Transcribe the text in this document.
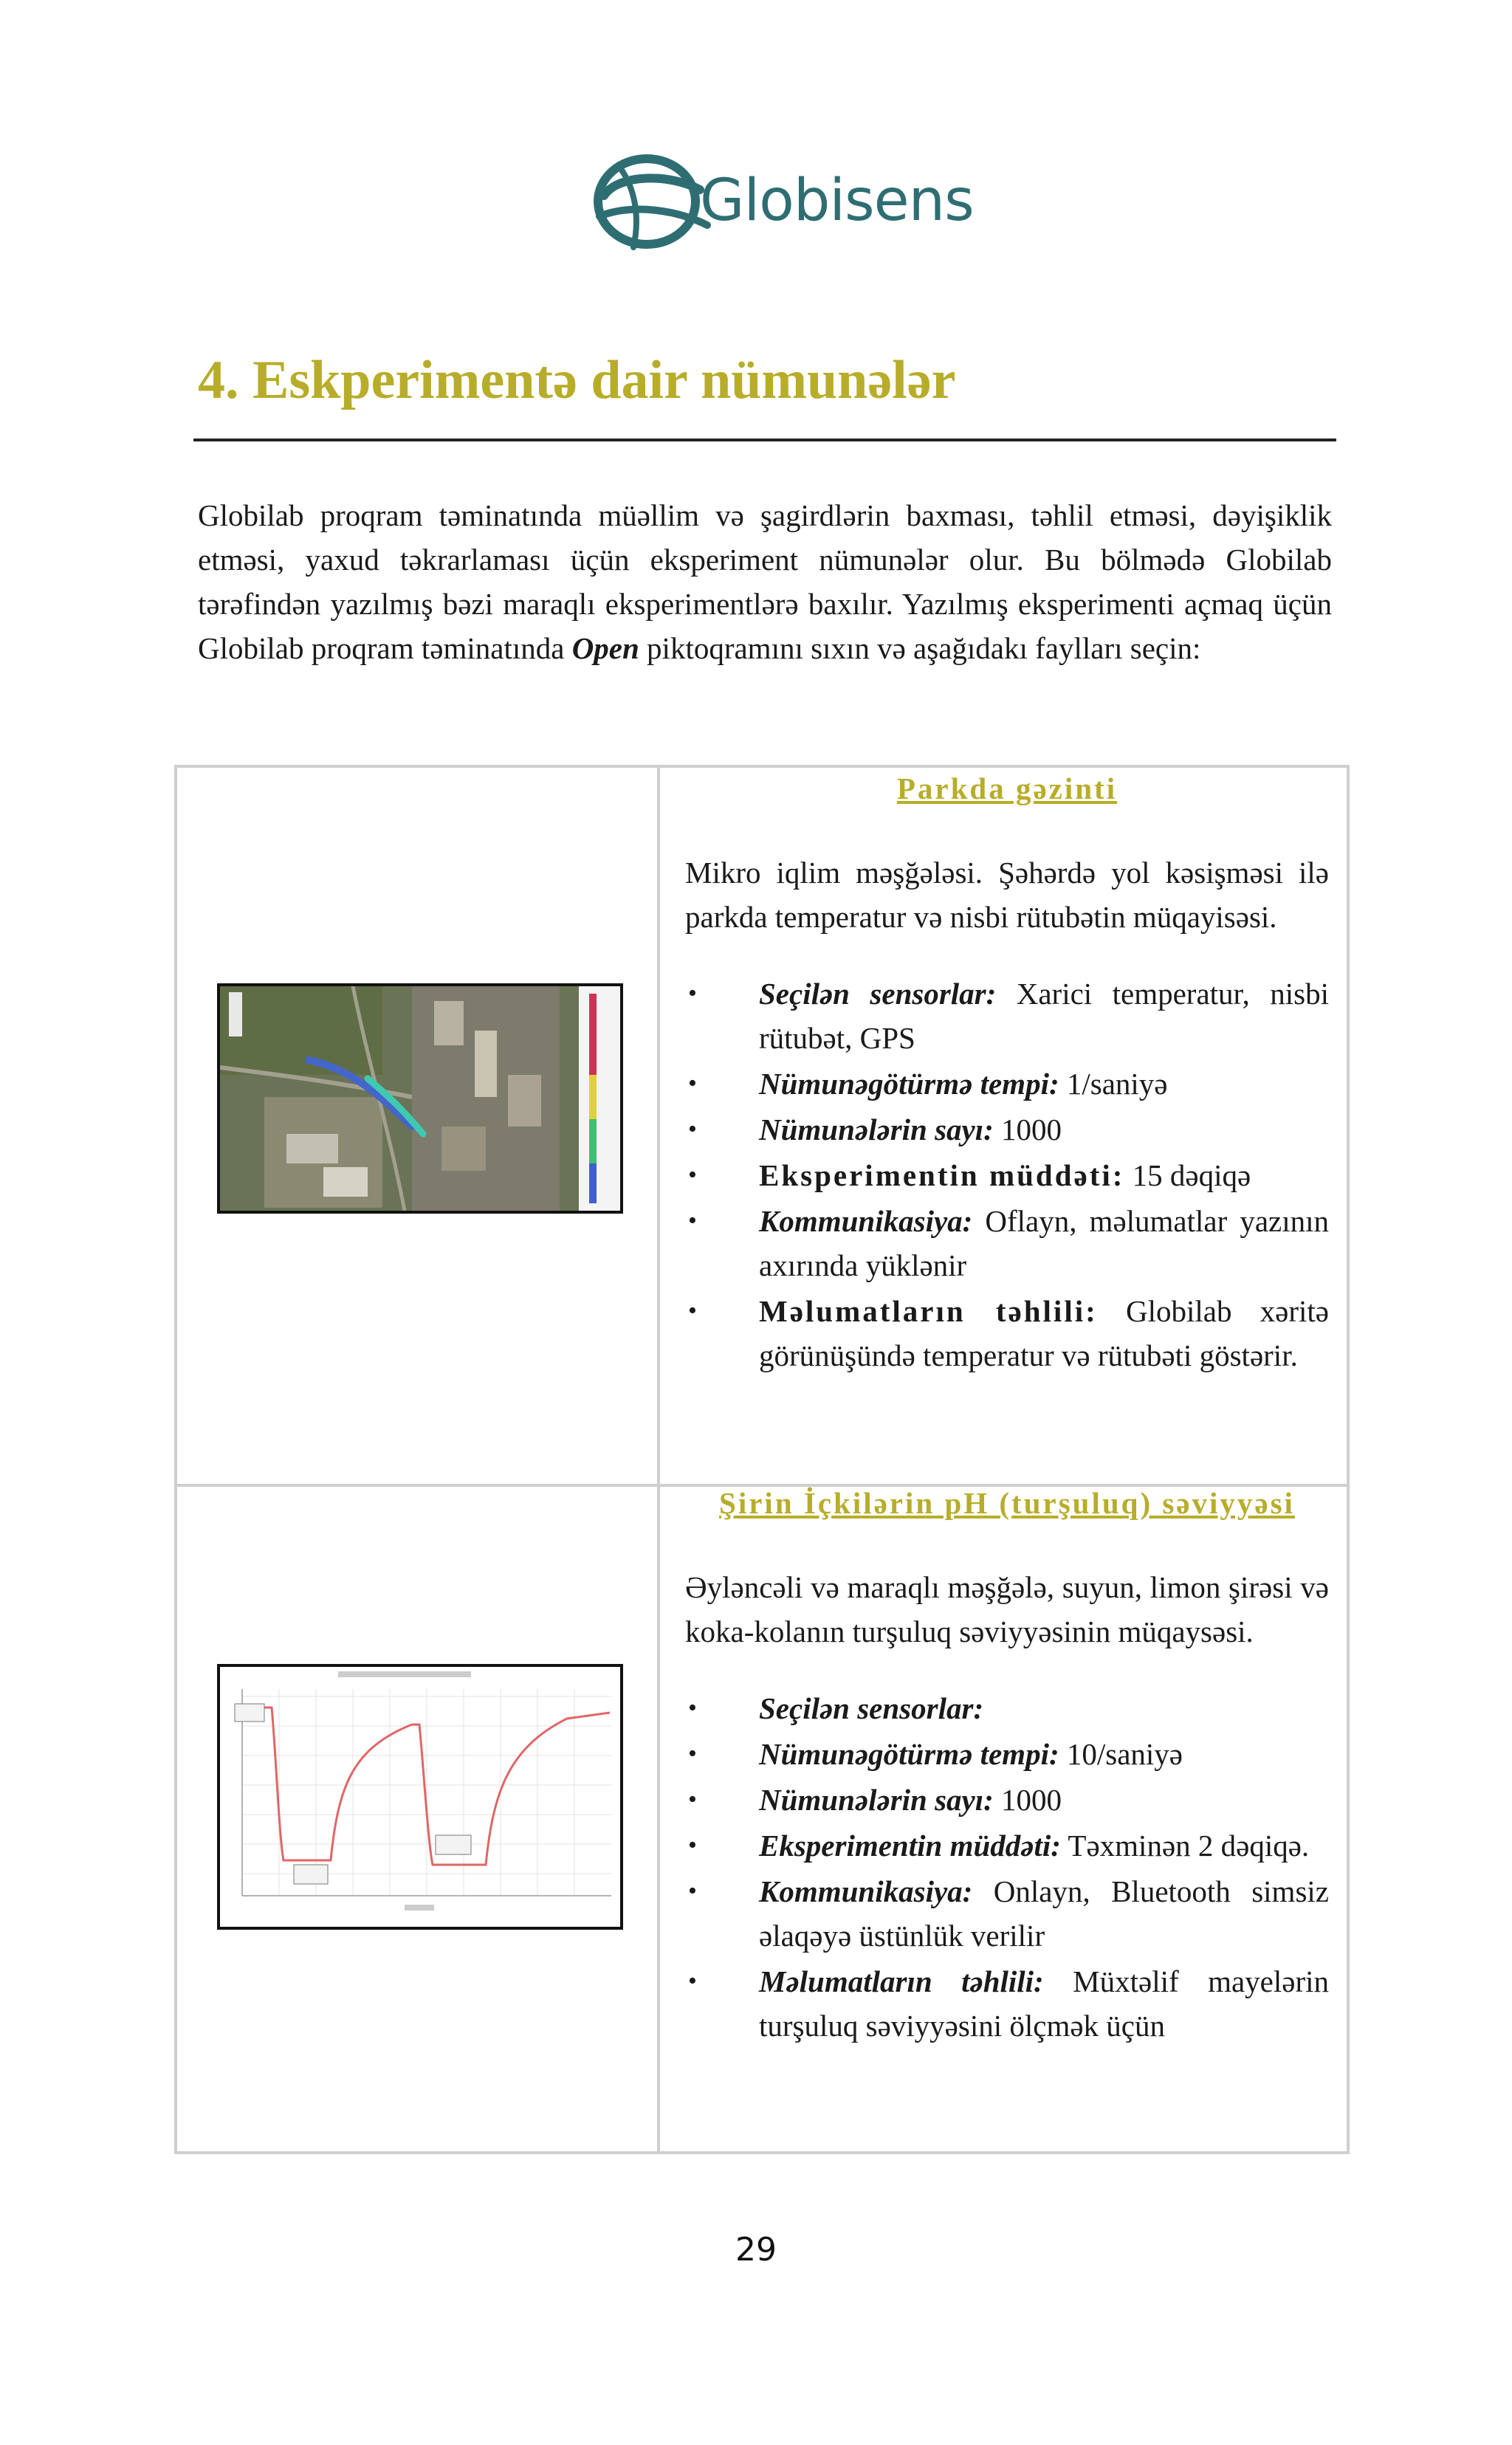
Globisens
4. Eskperimentə dair nümunələr

Globilab proqram təminatında müəllim və şagirdlərin baxması, təhlil etməsi, dəyişiklik etməsi, yaxud təkrarlaması üçün eksperiment nümunələr olur. Bu bölmədə Globilab tərəfindən yazılmış bəzi maraqlı eksperimentlərə baxılır. Yazılmış eksperimenti açmaq üçün Globilab proqram təminatında Open piktoqramını sıxın və aşağıdakı faylları seçin:

Parkda gəzinti

Mikro iqlim məşğələsi. Şəhərdə yol kəsişməsi ilə parkda temperatur və nisbi rütubətin müqayisəsi.

• Seçilən sensorlar: Xarici temperatur, nisbi rütubət, GPS
• Nümunəgötürmə tempi: 1/saniyə
• Nümunələrin sayı: 1000
• Eksperimentin müddəti: 15 dəqiqə
• Kommunikasiya: Oflayn, məlumatlar yazının axırında yüklənir
• Məlumatların təhlili: Globilab xəritə görünüşündə temperatur və rütubəti göstərir.

Şirin İçkilərin pH (turşuluq) səviyyəsi

Əyləncəli və maraqlı məşğələ, suyun, limon şirəsi və koka-kolanın turşuluq səviyyəsinin müqaysəsi.

• Seçilən sensorlar:
• Nümunəgötürmə tempi: 10/saniyə
• Nümunələrin sayı: 1000
• Eksperimentin müddəti: Təxminən 2 dəqiqə.
• Kommunikasiya: Onlayn, Bluetooth simsiz əlaqəyə üstünlük verilir
• Məlumatların təhlili: Müxtəlif mayelərin turşuluq səviyyəsini ölçmək üçün
29
